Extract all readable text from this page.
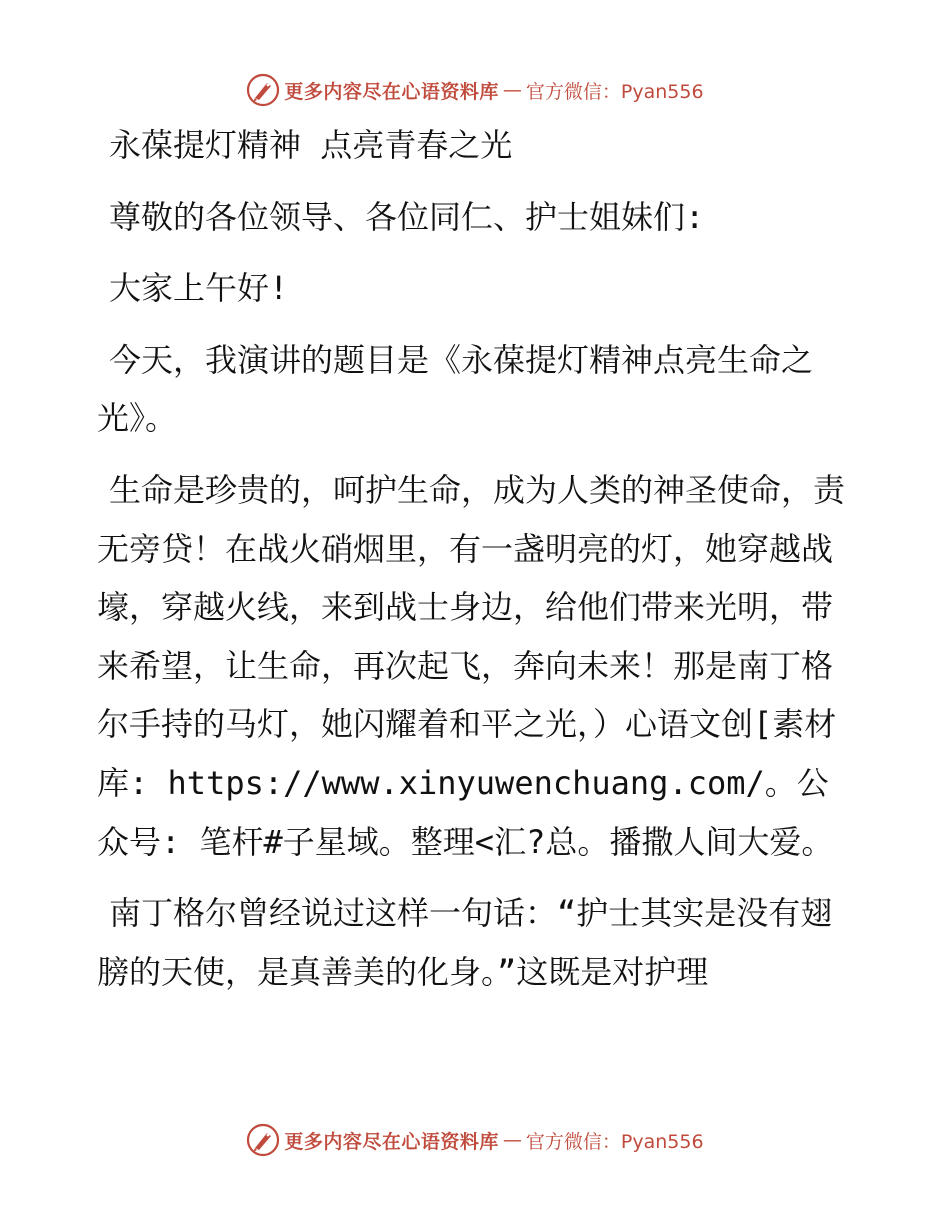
更多内容尽在心语资料库 — 官方微信：Pyan556

永葆提灯精神 点亮青春之光

尊敬的各位领导、各位同仁、护士姐妹们:

大家上午好!

今天，我演讲的题目是《永葆提灯精神点亮生命之光》。

生命是珍贵的，呵护生命，成为人类的神圣使命，责无旁贷！在战火硝烟里，有一盏明亮的灯，她穿越战壕，穿越火线，来到战士身边，给他们带来光明，带来希望，让生命，再次起飞，奔向未来！那是南丁格尔手持的马灯，她闪耀着和平之光，）心语文创[素材库: https://www.xinyuwenchuang.com/。公众号: 笔杆#子星域。整理<汇?总。播撒人间大爱。

南丁格尔曾经说过这样一句话：“护士其实是没有翅膀的天使，是真善美的化身。”这既是对护理

更多内容尽在心语资料库 — 官方微信：Pyan556
